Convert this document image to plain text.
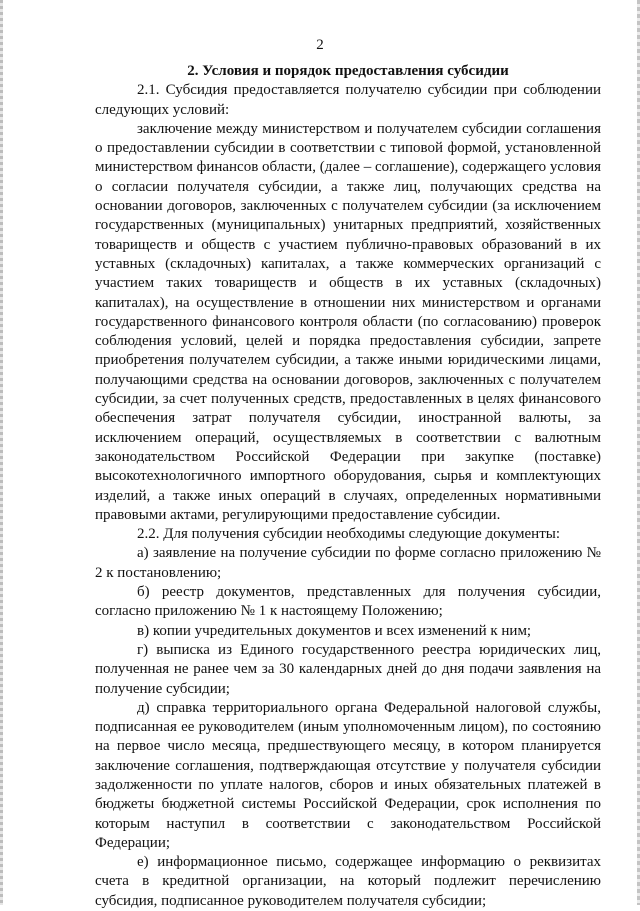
2

2. Условия и порядок предоставления субсидии

2.1. Субсидия предоставляется получателю субсидии при соблюдении следующих условий:

заключение между министерством и получателем субсидии соглашения о предоставлении субсидии в соответствии с типовой формой, установленной министерством финансов области, (далее – соглашение), содержащего условия о согласии получателя субсидии, а также лиц, получающих средства на основании договоров, заключенных с получателем субсидии (за исключением государственных (муниципальных) унитарных предприятий, хозяйственных товариществ и обществ с участием публично-правовых образований в их уставных (складочных) капиталах, а также коммерческих организаций с участием таких товариществ и обществ в их уставных (складочных) капиталах), на осуществление в отношении них министерством и органами государственного финансового контроля области (по согласованию) проверок соблюдения условий, целей и порядка предоставления субсидии, запрете приобретения получателем субсидии, а также иными юридическими лицами, получающими средства на основании договоров, заключенных с получателем субсидии, за счет полученных средств, предоставленных в целях финансового обеспечения затрат получателя субсидии, иностранной валюты, за исключением операций, осуществляемых в соответствии с валютным законодательством Российской Федерации при закупке (поставке) высокотехнологичного импортного оборудования, сырья и комплектующих изделий, а также иных операций в случаях, определенных нормативными правовыми актами, регулирующими предоставление субсидии.

2.2. Для получения субсидии необходимы следующие документы:

а) заявление на получение субсидии по форме согласно приложению № 2 к постановлению;

б) реестр документов, представленных для получения субсидии, согласно приложению № 1 к настоящему Положению;

в) копии учредительных документов и всех изменений к ним;

г) выписка из Единого государственного реестра юридических лиц, полученная не ранее чем за 30 календарных дней до дня подачи заявления на получение субсидии;

д) справка территориального органа Федеральной налоговой службы, подписанная ее руководителем (иным уполномоченным лицом), по состоянию на первое число месяца, предшествующего месяцу, в котором планируется заключение соглашения, подтверждающая отсутствие у получателя субсидии задолженности по уплате налогов, сборов и иных обязательных платежей в бюджеты бюджетной системы Российской Федерации, срок исполнения по которым наступил в соответствии с законодательством Российской Федерации;

е) информационное письмо, содержащее информацию о реквизитах счета в кредитной организации, на который подлежит перечислению субсидия, подписанное руководителем получателя субсидии;
